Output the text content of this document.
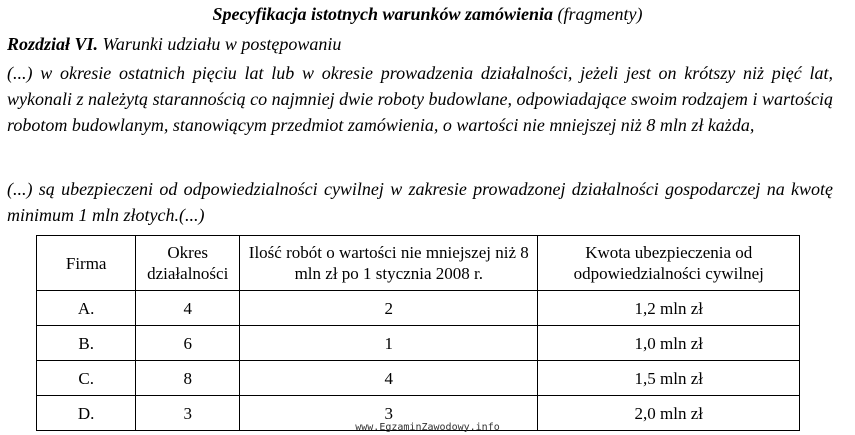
Specyfikacja istotnych warunków zamówienia (fragmenty)
Rozdział VI. Warunki udziału w postępowaniu
(...) w okresie ostatnich pięciu lat lub w okresie prowadzenia działalności, jeżeli jest on krótszy niż pięć lat, wykonali z należytą starannością co najmniej dwie roboty budowlane, odpowiadające swoim rodzajem i wartością robotom budowlanym, stanowiącym przedmiot zamówienia, o wartości nie mniejszej niż 8 mln zł każda,
(...) są ubezpieczeni od odpowiedzialności cywilnej w zakresie prowadzonej działalności gospodarczej na kwotę minimum 1 mln złotych.(...)
Firma	Okres działalności	Ilość robót o wartości nie mniejszej niż 8 mln zł po 1 stycznia 2008 r.	Kwota ubezpieczenia od odpowiedzialności cywilnej
A.	4	2	1,2 mln zł
B.	6	1	1,0 mln zł
C.	8	4	1,5 mln zł
D.	3	3	2,0 mln zł
www.EgzaminZawodowy.info
